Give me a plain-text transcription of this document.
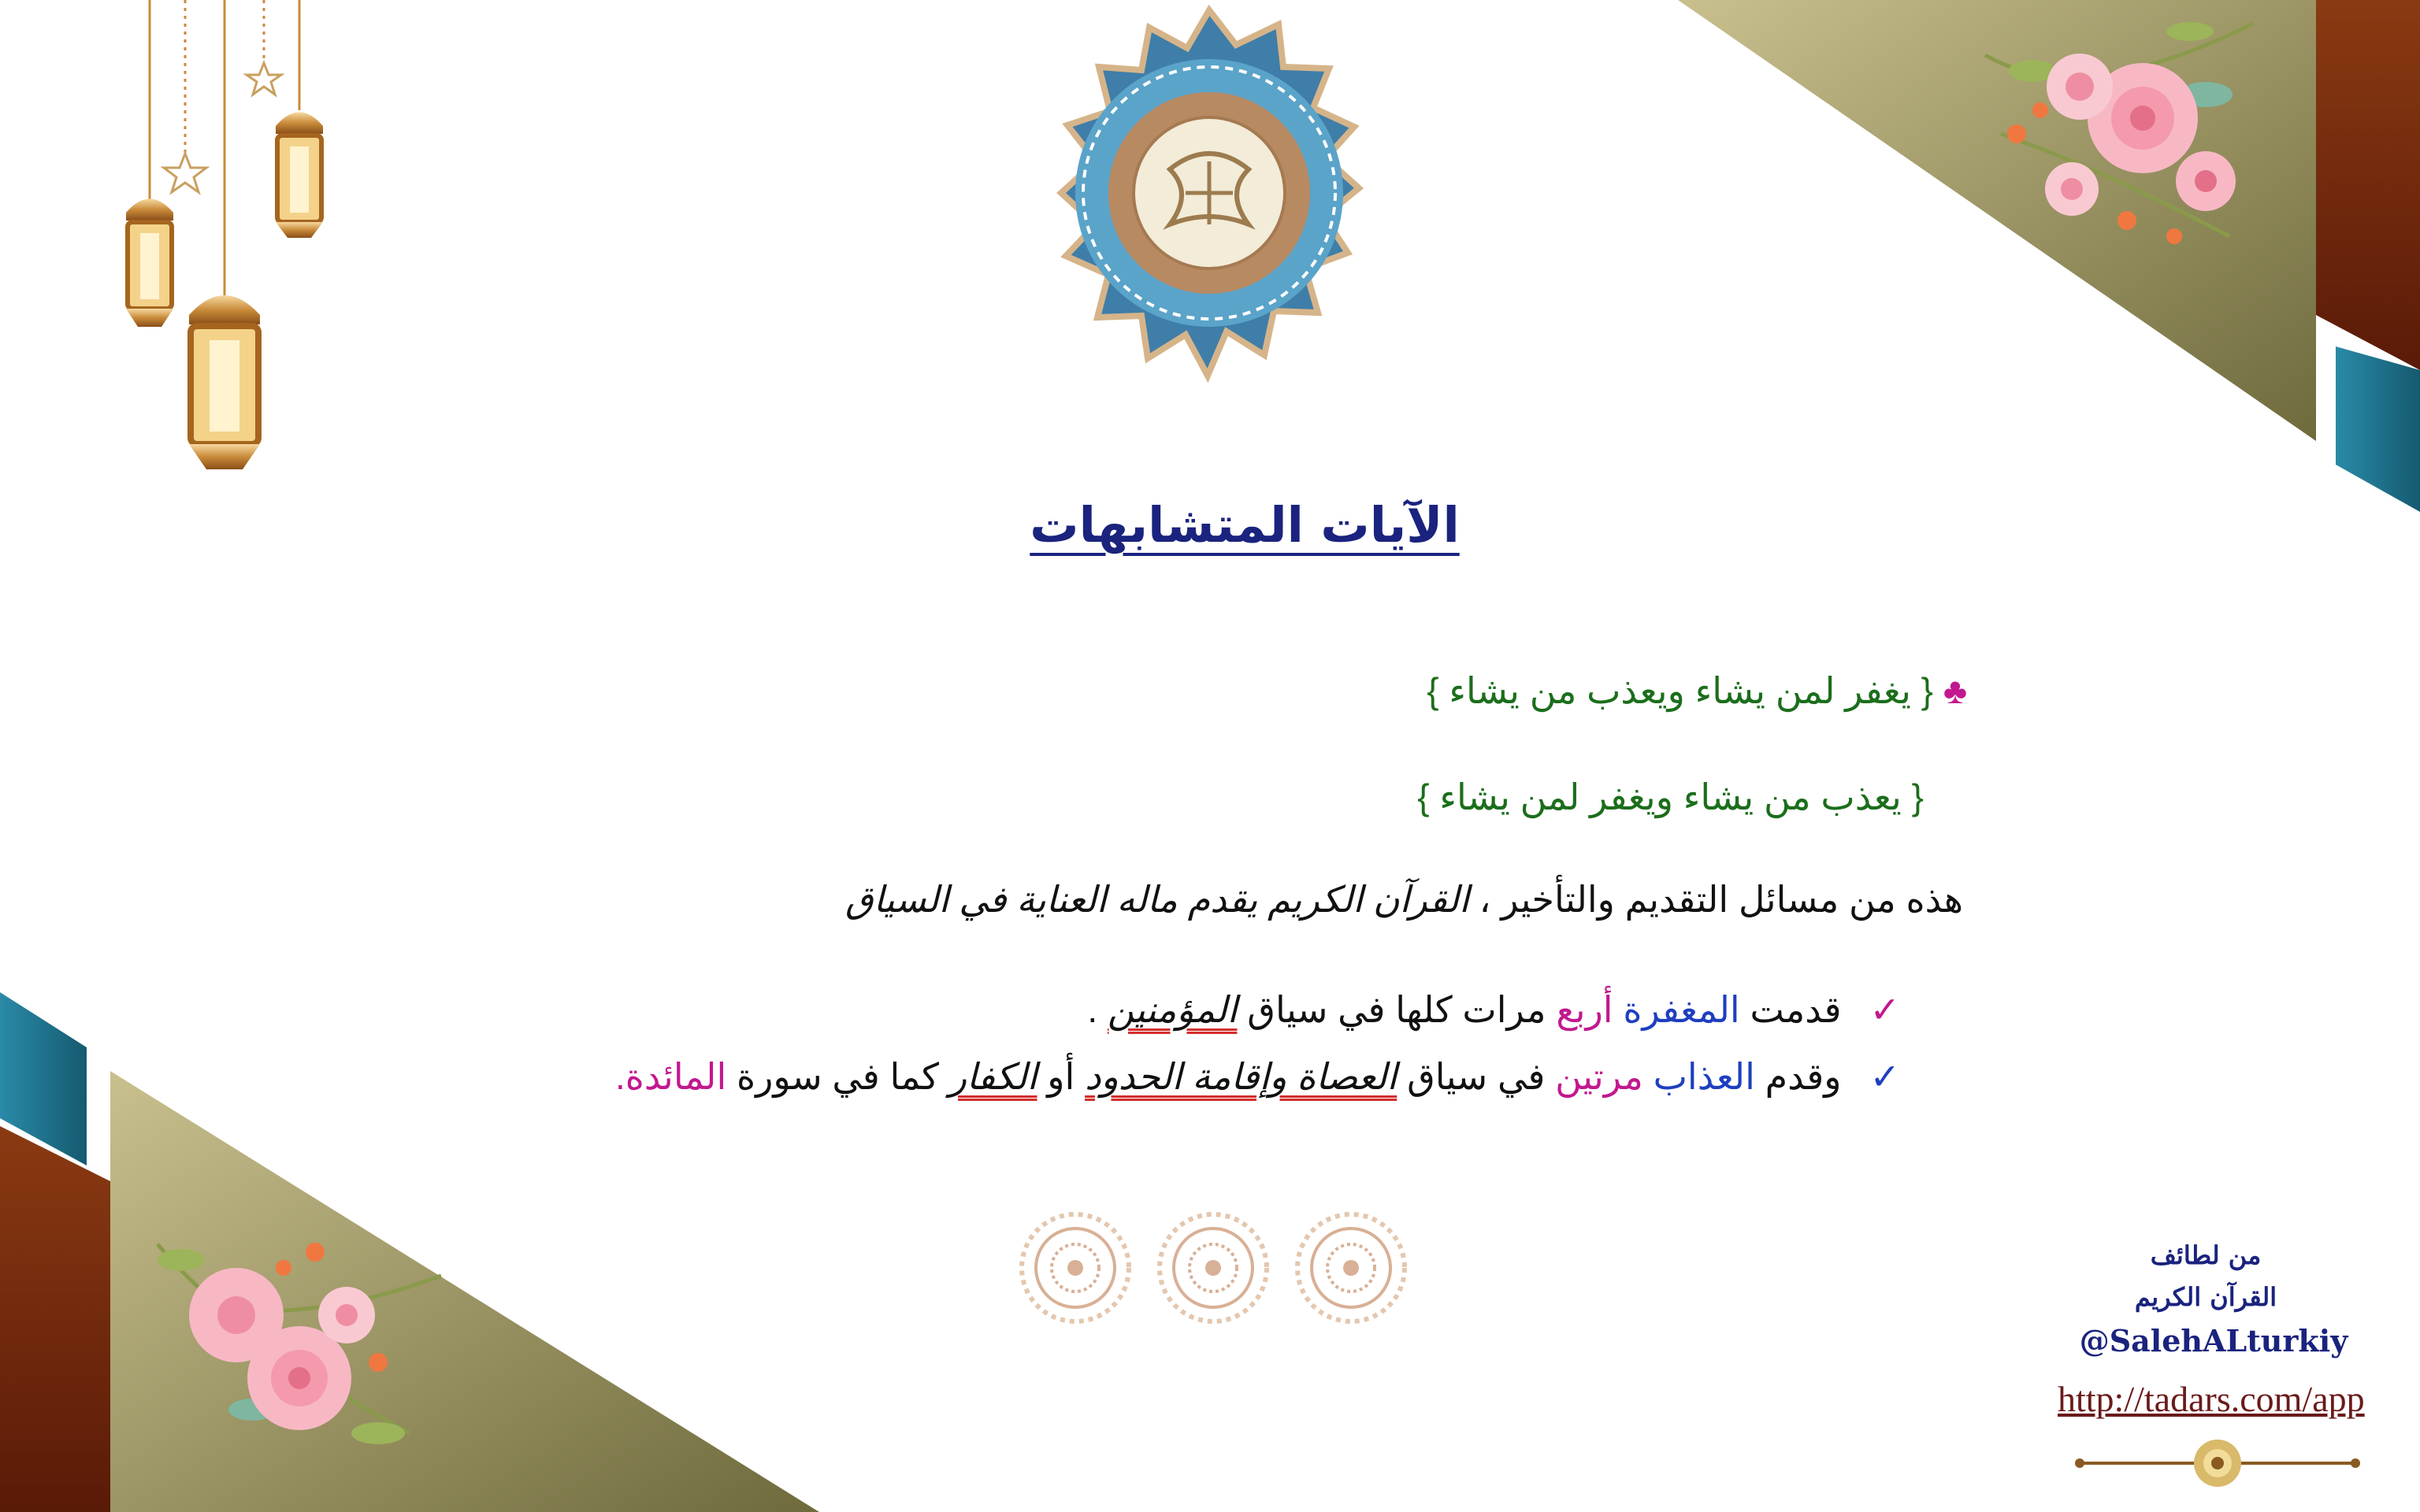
الآيات المتشابهات
♣ { يغفر لمن يشاء ويعذب من يشاء }
{ يعذب من يشاء ويغفر لمن يشاء }
هذه من مسائل التقديم والتأخير ، القرآن الكريم يقدم ماله العناية في السياق
✓قدمت المغفرة أربع مرات كلها في سياق المؤمنين .
✓وقدم العذاب مرتين في سياق العصاة وإقامة الحدود أو الكفار كما في سورة المائدة.
من لطائف
القرآن الكريم
@SalehALturkiy
http://tadars.com/app
